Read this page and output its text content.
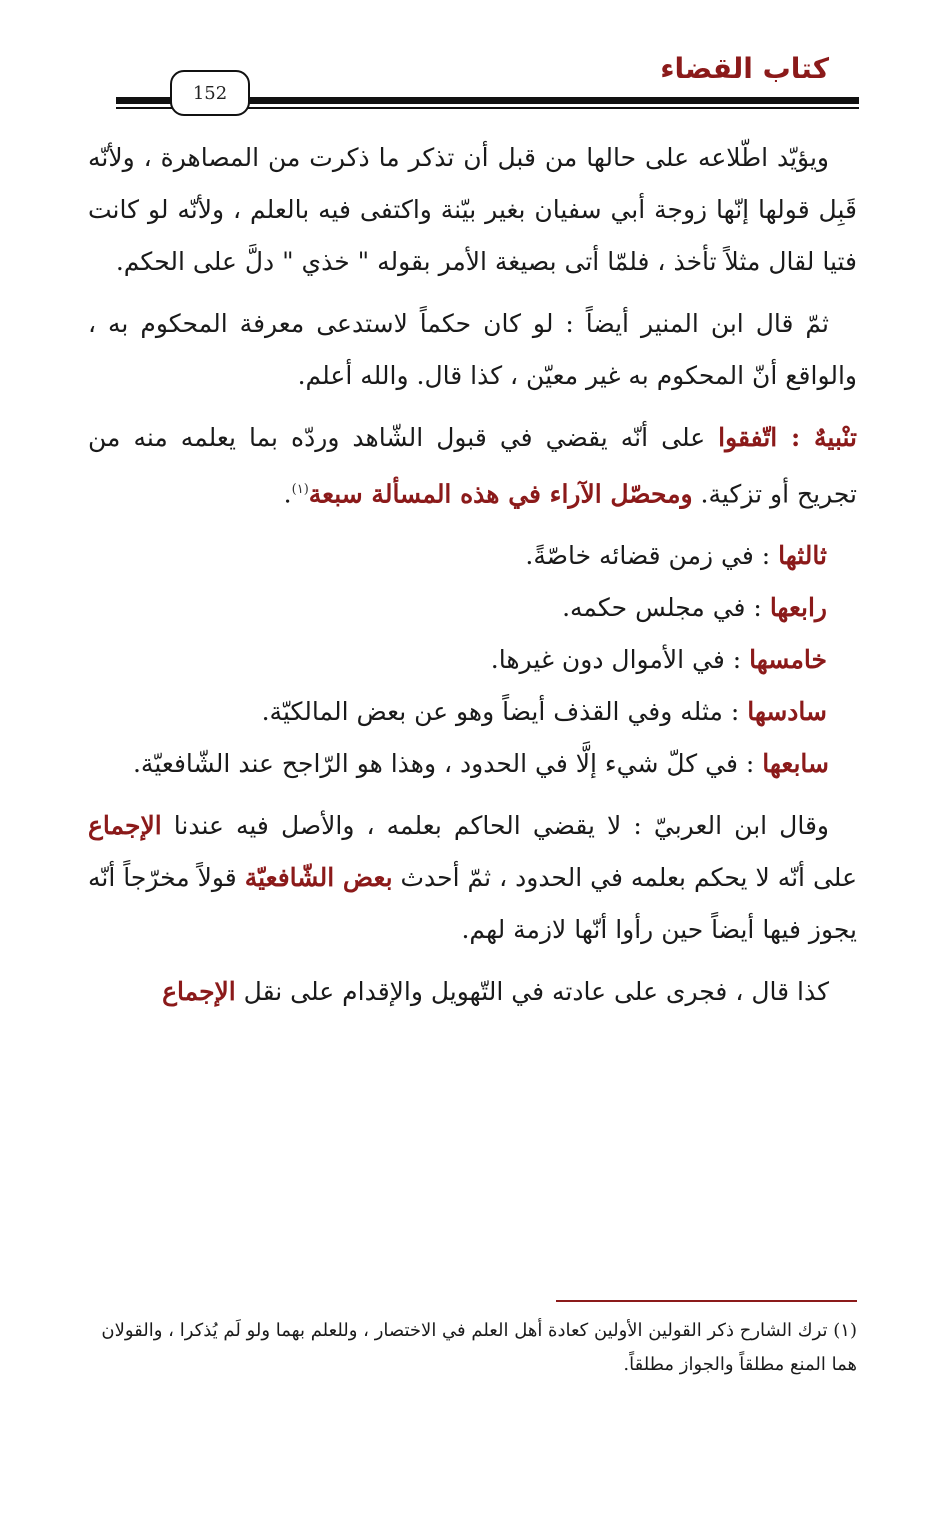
كتاب القضاء
152

ويؤيّد اطّلاعه على حالها من قبل أن تذكر ما ذكرت من المصاهرة ، ولأنّه قَبِل قولها إنّها زوجة أبي سفيان بغير بيّنة واكتفى فيه بالعلم ، ولأنّه لو كانت فتيا لقال مثلاً تأخذ ، فلمّا أتى بصيغة الأمر بقوله " خذي " دلَّ على الحكم.

ثمّ قال ابن المنير أيضاً : لو كان حكماً لاستدعى معرفة المحكوم به ، والواقع أنّ المحكوم به غير معيّن ، كذا قال. والله أعلم.

تنْبيهٌ : اتّفقوا على أنّه يقضي في قبول الشّاهد وردّه بما يعلمه منه من تجريح أو تزكية. ومحصّل الآراء في هذه المسألة سبعة$^{(١)}$.

ثالثها : في زمن قضائه خاصّةً.

رابعها : في مجلس حكمه.

خامسها : في الأموال دون غيرها.

سادسها : مثله وفي القذف أيضاً وهو عن بعض المالكيّة.

سابعها : في كلّ شيء إلَّا في الحدود ، وهذا هو الرّاجح عند الشّافعيّة.

وقال ابن العربيّ : لا يقضي الحاكم بعلمه ، والأصل فيه عندنا الإجماع على أنّه لا يحكم بعلمه في الحدود ، ثمّ أحدث بعض الشّافعيّة قولاً مخرّجاً أنّه يجوز فيها أيضاً حين رأوا أنّها لازمة لهم.

كذا قال ، فجرى على عادته في التّهويل والإقدام على نقل الإجماع

(١) ترك الشارح ذكر القولين الأولين كعادة أهل العلم في الاختصار ، وللعلم بهما ولو لَم يُذكرا ، والقولان هما المنع مطلقاً والجواز مطلقاً.
